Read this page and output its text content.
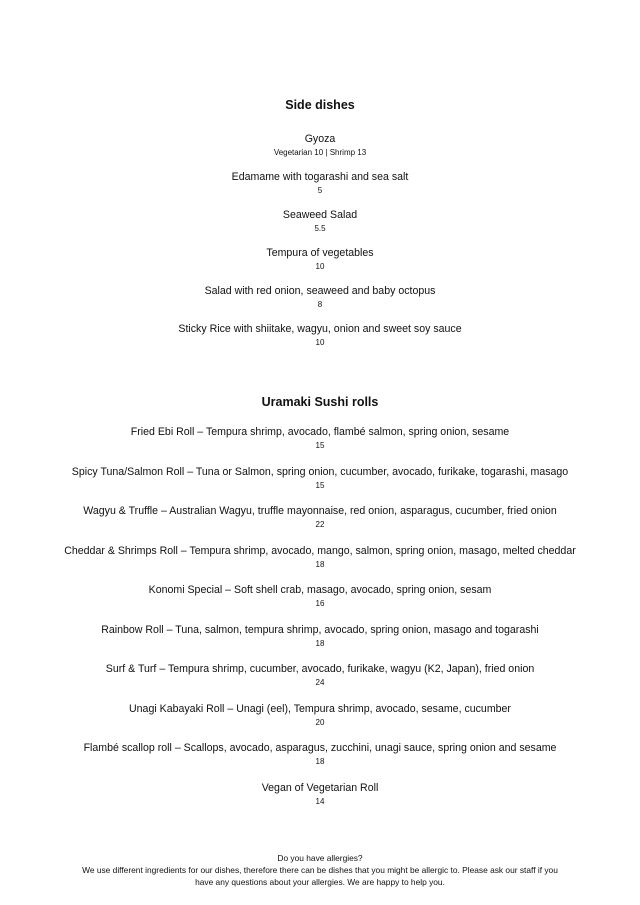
Side dishes
Gyoza
Vegetarian 10 | Shrimp 13
Edamame with togarashi and sea salt
5
Seaweed Salad
5.5
Tempura of vegetables
10
Salad with red onion, seaweed and baby octopus
8
Sticky Rice with shiitake, wagyu, onion and sweet soy sauce
10
Uramaki Sushi rolls
Fried Ebi Roll – Tempura shrimp, avocado, flambé salmon, spring onion, sesame
15
Spicy Tuna/Salmon Roll – Tuna or Salmon, spring onion, cucumber, avocado, furikake, togarashi, masago
15
Wagyu & Truffle – Australian Wagyu, truffle mayonnaise, red onion, asparagus, cucumber, fried onion
22
Cheddar & Shrimps Roll – Tempura shrimp, avocado, mango, salmon, spring onion, masago, melted cheddar
18
Konomi Special – Soft shell crab, masago, avocado, spring onion, sesam
16
Rainbow Roll – Tuna, salmon, tempura shrimp, avocado, spring onion, masago and togarashi
18
Surf & Turf – Tempura shrimp, cucumber, avocado, furikake, wagyu (K2, Japan), fried onion
24
Unagi Kabayaki Roll – Unagi (eel), Tempura shrimp, avocado, sesame, cucumber
20
Flambé scallop roll – Scallops, avocado, asparagus, zucchini, unagi sauce, spring onion and sesame
18
Vegan of Vegetarian Roll
14
Do you have allergies?
We use different ingredients for our dishes, therefore there can be dishes that you might be allergic to. Please ask our staff if you have any questions about your allergies. We are happy to help you.
